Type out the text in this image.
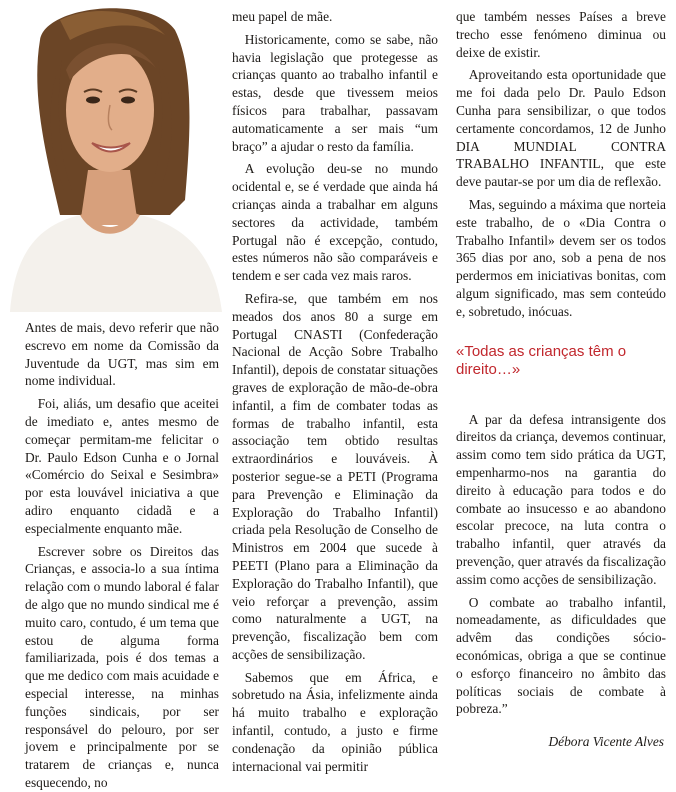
Antes de mais, devo referir que não escrevo em nome da Comissão da Juventude da UGT, mas sim em nome individual.

Foi, aliás, um desafio que aceitei de imediato e, antes mesmo de começar permitam-me felicitar o Dr. Paulo Edson Cunha e o Jornal «Comércio do Seixal e Sesimbra» por esta louvável iniciativa a que adiro enquanto cidadã e a especialmente enquanto mãe.

Escrever sobre os Direitos das Crianças, e associa-lo a sua íntima relação com o mundo laboral é falar de algo que no mundo sindical me é muito caro, contudo, é um tema que estou de alguma forma familiarizada, pois é dos temas a que me dedico com mais acuidade e especial interesse, na minhas funções sindicais, por ser responsável do pelouro, por ser jovem e principalmente por se tratarem de crianças e, nunca esquecendo, no

meu papel de mãe.

Historicamente, como se sabe, não havia legislação que protegesse as crianças quanto ao trabalho infantil e estas, desde que tivessem meios físicos para trabalhar, passavam automaticamente a ser mais “um braço” a ajudar o resto da família.

A evolução deu-se no mundo ocidental e, se é verdade que ainda há crianças ainda a trabalhar em alguns sectores da actividade, também Portugal não é excepção, contudo, estes números não são comparáveis e tendem e ser cada vez mais raros.

Refira-se, que também em nos meados dos anos 80 a surge em Portugal CNASTI (Confederação Nacional de Acção Sobre Trabalho Infantil), depois de constatar situações graves de exploração de mão-de-obra infantil, a fim de combater todas as formas de trabalho infantil, esta associação tem obtido resultas extraordinários e louváveis. À posterior segue-se a PETI (Programa para Prevenção e Eliminação da Exploração do Trabalho Infantil) criada pela Resolução de Conselho de Ministros em 2004 que sucede à PEETI (Plano para a Eliminação da Exploração do Trabalho Infantil), que veio reforçar a prevenção, assim como naturalmente a UGT, na prevenção, fiscalização bem com acções de sensibilização.

Sabemos que em África, e sobretudo na Ásia, infelizmente ainda há muito trabalho e exploração infantil, contudo, a justo e firme condenação da opinião pública internacional vai permitir

que também nesses Países a breve trecho esse fenómeno diminua ou deixe de existir.

Aproveitando esta oportunidade que me foi dada pelo Dr. Paulo Edson Cunha para sensibilizar, o que todos certamente concordamos, 12 de Junho DIA MUNDIAL CONTRA TRABALHO INFANTIL, que este deve pautar-se por um dia de reflexão.

Mas, seguindo a máxima que norteia este trabalho, de o «Dia Contra o Trabalho Infantil» devem ser os todos 365 dias por ano, sob a pena de nos perdermos em iniciativas bonitas, com algum significado, mas sem conteúdo e, sobretudo, inócuas.

«Todas as crianças têm o direito…»

A par da defesa intransigente dos direitos da criança, devemos continuar, assim como tem sido prática da UGT, empenharmo-nos na garantia do direito à educação para todos e do combate ao insucesso e ao abandono escolar precoce, na luta contra o trabalho infantil, quer através da prevenção, quer através da fiscalização assim como acções de sensibilização.

O combate ao trabalho infantil, nomeadamente, as dificuldades que advêm das condições sócio-económicas, obriga a que se continue o esforço financeiro no âmbito das políticas sociais de combate à pobreza.”

Débora Vicente Alves
